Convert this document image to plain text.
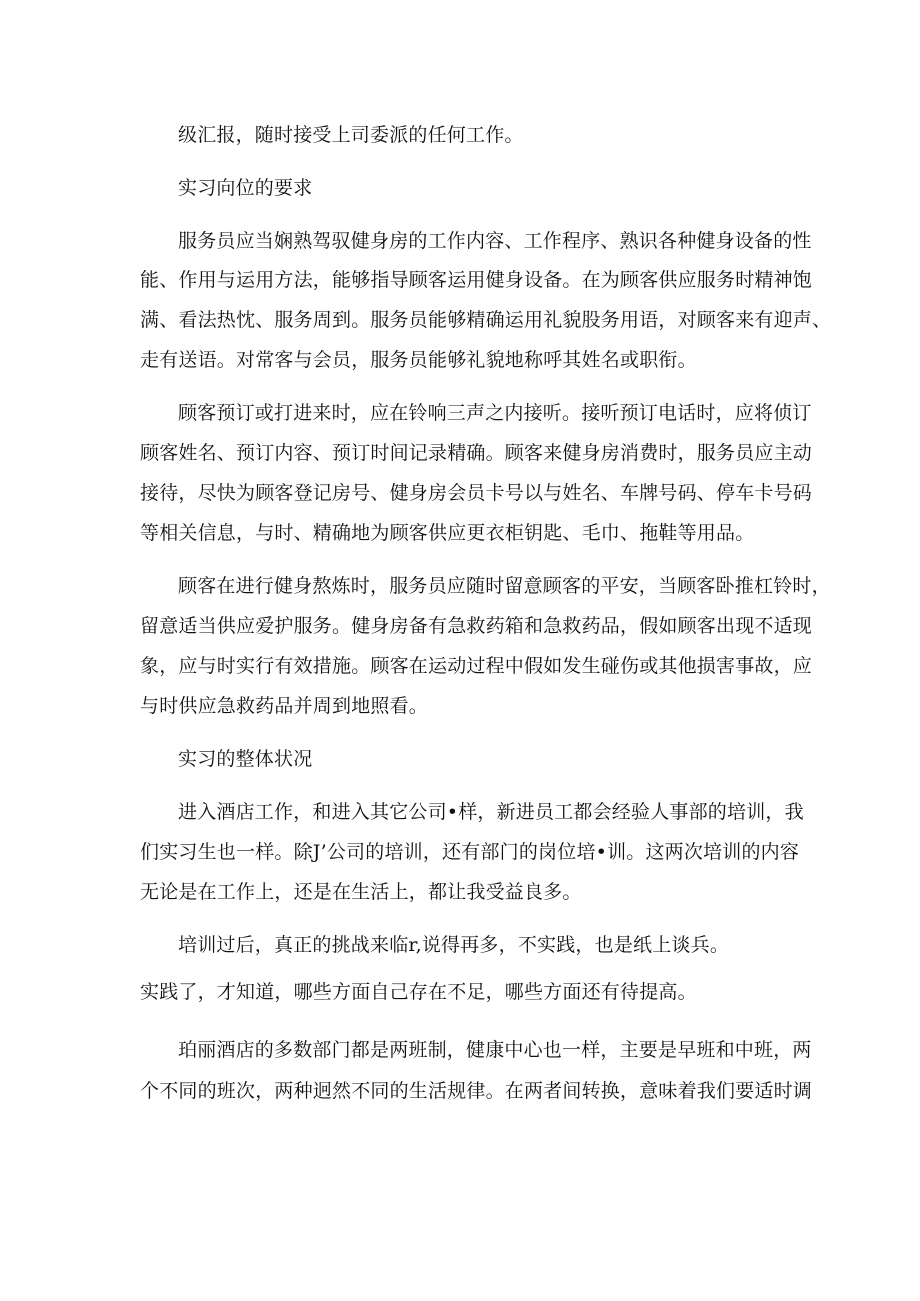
级汇报，随时接受上司委派的任何工作。
实习向位的要求
服务员应当娴熟驾驭健身房的工作内容、工作程序、熟识各种健身设备的性
能、作用与运用方法，能够指导顾客运用健身设备。在为顾客供应服务时精神饱
满、看法热忱、服务周到。服务员能够精确运用礼貌股务用语，对顾客来有迎声、
走有送语。对常客与会员，服务员能够礼貌地称呼其姓名或职衔。
顾客预订或打进来时，应在铃响三声之内接听。接听预订电话时，应将侦订
顾客姓名、预订内容、预订时间记录精确。顾客来健身房消费时，服务员应主动
接待，尽快为顾客登记房号、健身房会员卡号以与姓名、车牌号码、停车卡号码
等相关信息，与时、精确地为顾客供应更衣柜钥匙、毛巾、拖鞋等用品。
顾客在进行健身熬炼时，服务员应随时留意顾客的平安，当顾客卧推杠铃时，
留意适当供应爱护服务。健身房备有急救药箱和急救药品，假如顾客出现不适现
象，应与时实行有效措施。顾客在运动过程中假如发生碰伤或其他损害事故，应
与时供应急救药品并周到地照看。
实习的整体状况
进入酒店工作，和进入其它公司•样，新进员工都会经验人事部的培训，我
们实习生也一样。除J’公司的培训，还有部门的岗位培•训。这两次培训的内容
无论是在工作上，还是在生活上，都让我受益良多。
培训过后，真正的挑战来临r,说得再多，不实践，也是纸上谈兵。
实践了，才知道，哪些方面自己存在不足，哪些方面还有待提高。
珀丽酒店的多数部门都是两班制，健康中心也一样，主要是早班和中班，两
个不同的班次，两种迥然不同的生活规律。在两者间转换，意味着我们要适时调
